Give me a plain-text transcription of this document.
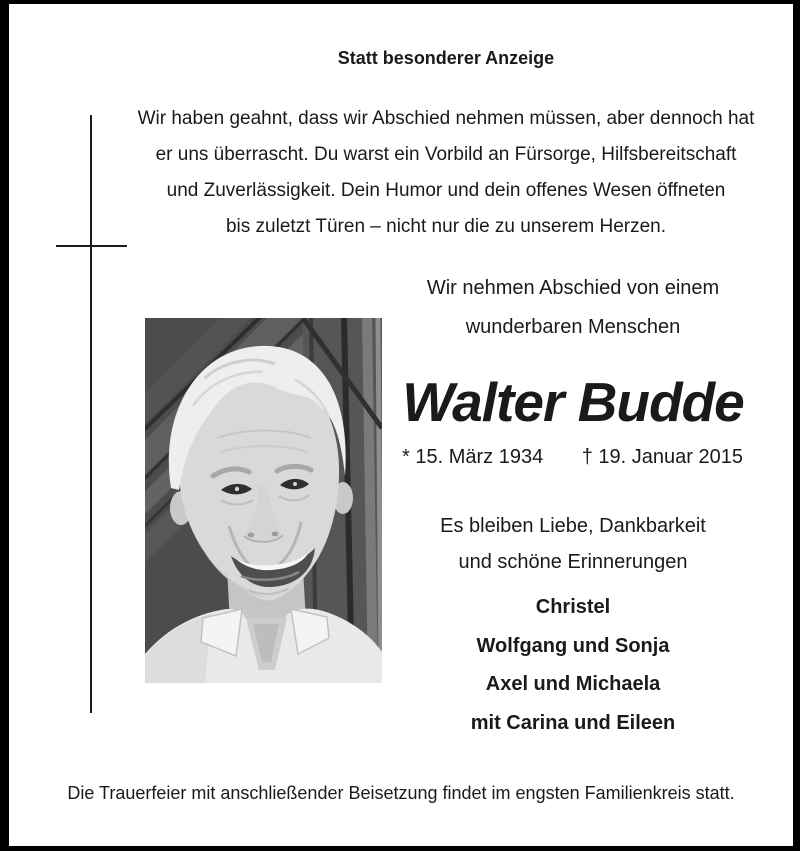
Statt besonderer Anzeige
Wir haben geahnt, dass wir Abschied nehmen müssen, aber dennoch hat
er uns überrascht. Du warst ein Vorbild an Fürsorge, Hilfsbereitschaft
und Zuverlässigkeit. Dein Humor und dein offenes Wesen öffneten
bis zuletzt Türen – nicht nur die zu unserem Herzen.
Wir nehmen Abschied von einem
wunderbaren Menschen
Walter Budde
* 15. März 1934 † 19. Januar 2015
Es bleiben Liebe, Dankbarkeit
und schöne Erinnerungen
Christel
Wolfgang und Sonja
Axel und Michaela
mit Carina und Eileen
Die Trauerfeier mit anschließender Beisetzung findet im engsten Familienkreis statt.
